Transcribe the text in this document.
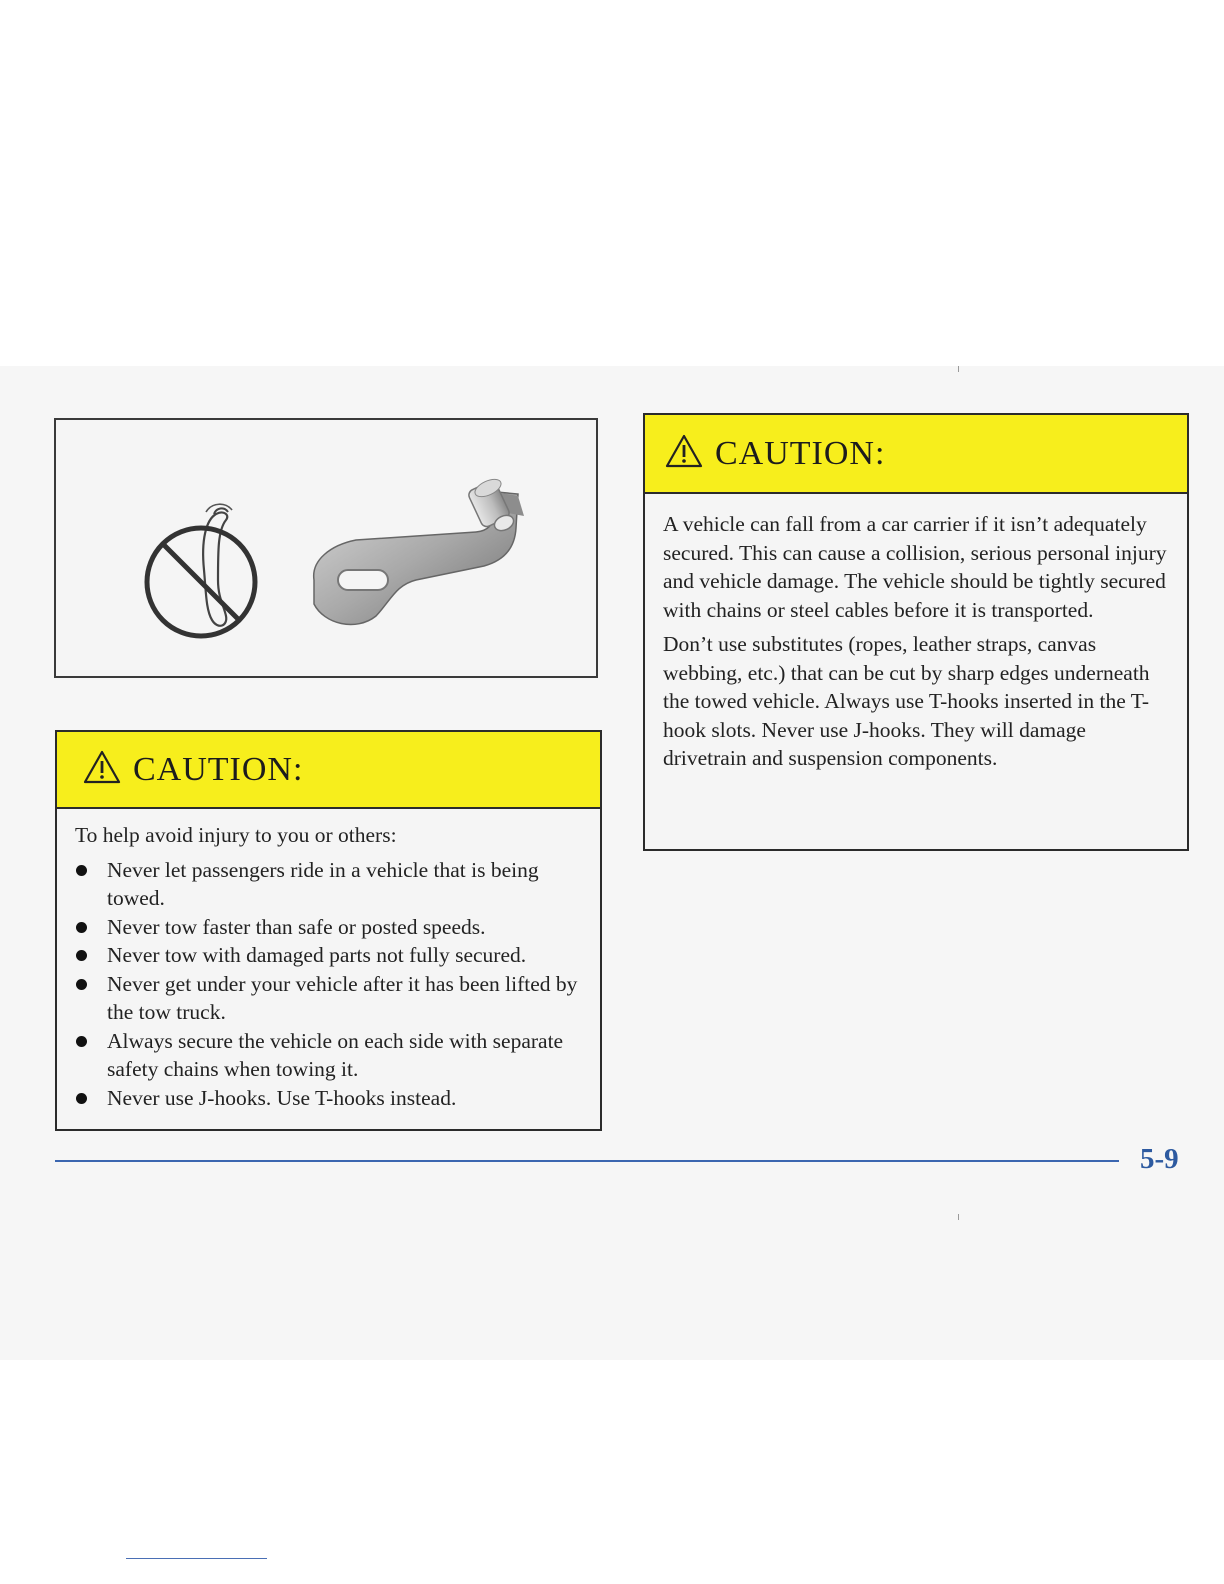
CAUTION:

To help avoid injury to you or others:

Never let passengers ride in a vehicle that is being towed.
Never tow faster than safe or posted speeds.
Never tow with damaged parts not fully secured.
Never get under your vehicle after it has been lifted by the tow truck.
Always secure the vehicle on each side with separate safety chains when towing it.
Never use J-hooks. Use T-hooks instead.
CAUTION:

A vehicle can fall from a car carrier if it isn’t adequately secured. This can cause a collision, serious personal injury and vehicle damage. The vehicle should be tightly secured with chains or steel cables before it is transported.

Don’t use substitutes (ropes, leather straps, canvas webbing, etc.) that can be cut by sharp edges underneath the towed vehicle. Always use T-hooks inserted in the T-hook slots. Never use J-hooks. They will damage drivetrain and suspension components.

5-9
